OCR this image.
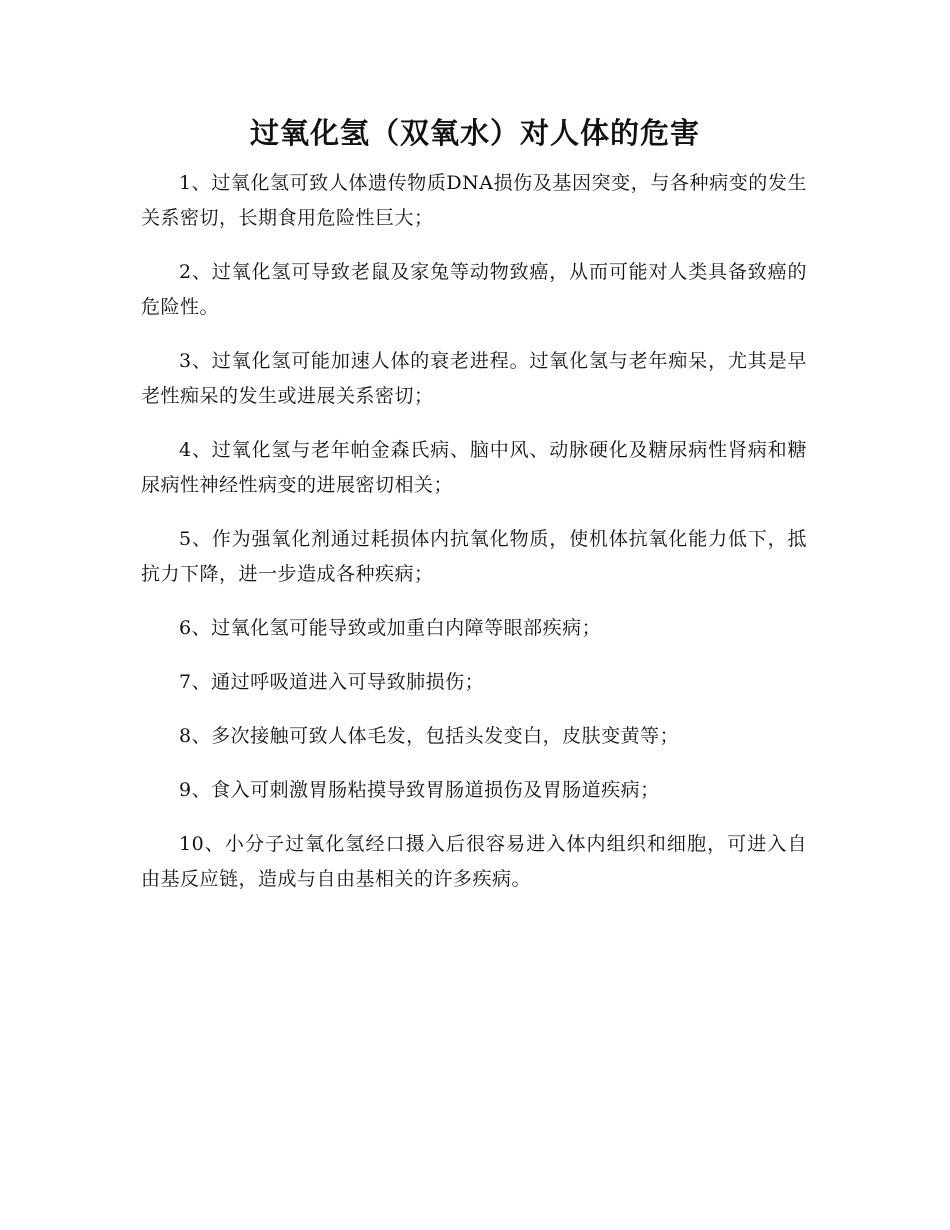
过氧化氢（双氧水）对人体的危害

1、过氧化氢可致人体遗传物质DNA损伤及基因突变，与各种病变的发生关系密切，长期食用危险性巨大；

2、过氧化氢可导致老鼠及家兔等动物致癌，从而可能对人类具备致癌的危险性。

3、过氧化氢可能加速人体的衰老进程。过氧化氢与老年痴呆，尤其是早老性痴呆的发生或进展关系密切；

4、过氧化氢与老年帕金森氏病、脑中风、动脉硬化及糖尿病性肾病和糖尿病性神经性病变的进展密切相关；

5、作为强氧化剂通过耗损体内抗氧化物质，使机体抗氧化能力低下，抵抗力下降，进一步造成各种疾病；

6、过氧化氢可能导致或加重白内障等眼部疾病；

7、通过呼吸道进入可导致肺损伤；

8、多次接触可致人体毛发，包括头发变白，皮肤变黄等；

9、食入可刺激胃肠粘摸导致胃肠道损伤及胃肠道疾病；

10、小分子过氧化氢经口摄入后很容易进入体内组织和细胞，可进入自由基反应链，造成与自由基相关的许多疾病。
